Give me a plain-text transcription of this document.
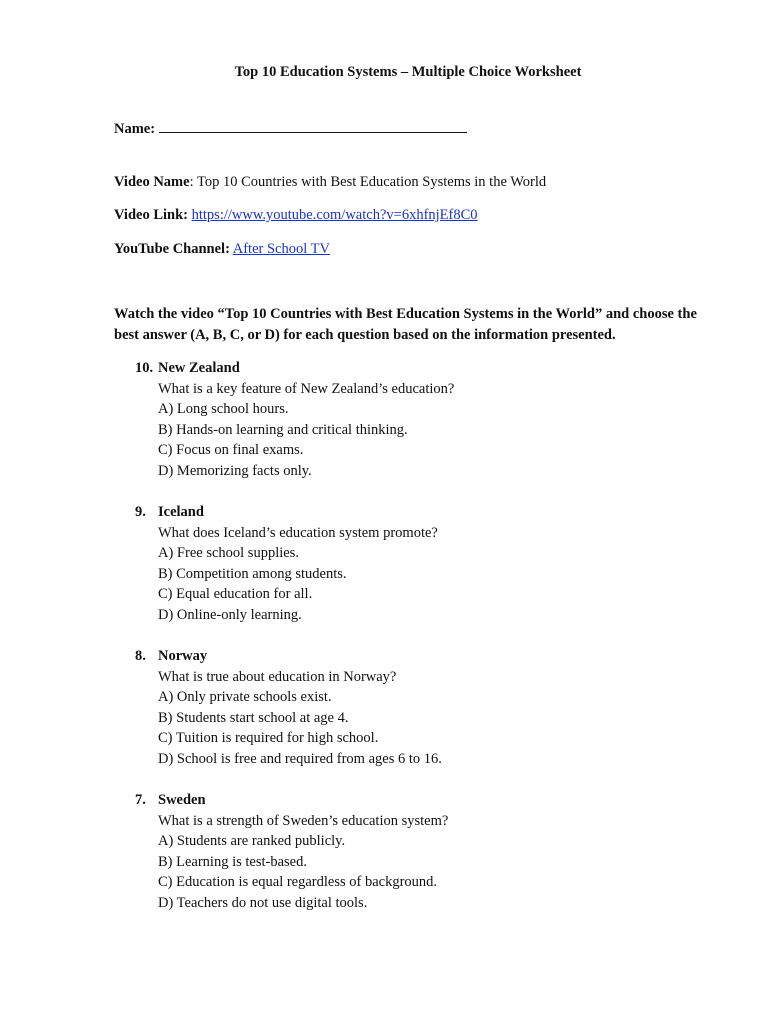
Top 10 Education Systems – Multiple Choice Worksheet
Name:
Video Name: Top 10 Countries with Best Education Systems in the World
Video Link: https://www.youtube.com/watch?v=6xhfnjEf8C0
YouTube Channel: After School TV
Watch the video “Top 10 Countries with Best Education Systems in the World” and choose the best answer (A, B, C, or D) for each question based on the information presented.
10. New Zealand
What is a key feature of New Zealand’s education?
A) Long school hours.
B) Hands-on learning and critical thinking.
C) Focus on final exams.
D) Memorizing facts only.
9. Iceland
What does Iceland’s education system promote?
A) Free school supplies.
B) Competition among students.
C) Equal education for all.
D) Online-only learning.
8. Norway
What is true about education in Norway?
A) Only private schools exist.
B) Students start school at age 4.
C) Tuition is required for high school.
D) School is free and required from ages 6 to 16.
7. Sweden
What is a strength of Sweden’s education system?
A) Students are ranked publicly.
B) Learning is test-based.
C) Education is equal regardless of background.
D) Teachers do not use digital tools.
